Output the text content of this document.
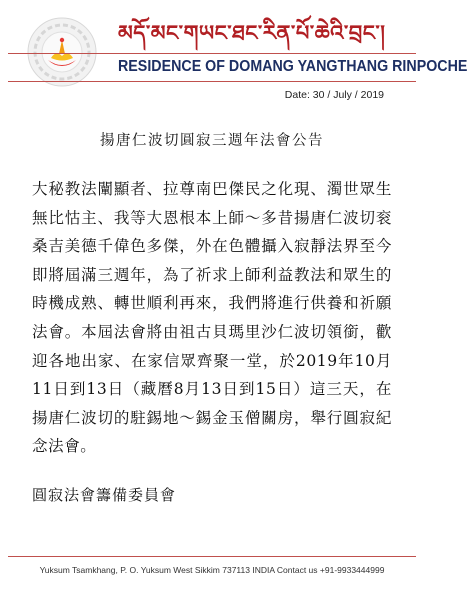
མདོ་མང་གཡང་ཐང་རིན་པོ་ཆེའི་བྲང་།
RESIDENCE OF DOMANG YANGTHANG RINPOCHE
Date: 30 / July / 2019
揚唐仁波切圓寂三週年法會公告

大秘教法闡顯者、拉尊南巴傑民之化現、濁世眾生無比怙主、我等大恩根本上師～多昔揚唐仁波切衮桑吉美德千偉色多傑，外在色體攝入寂靜法界至今即將屆滿三週年，為了祈求上師利益教法和眾生的時機成熟、轉世順利再來，我們將進行供養和祈願法會。本屆法會將由祖古貝瑪里沙仁波切領銜，歡迎各地出家、在家信眾齊聚一堂，於2019年10月11日到13日（藏曆8月13日到15日）這三天，在揚唐仁波切的駐錫地～錫金玉僧關房，舉行圓寂紀念法會。

圓寂法會籌備委員會
Yuksum Tsamkhang, P. O. Yuksum West Sikkim 737113 INDIA Contact us +91-9933444999
